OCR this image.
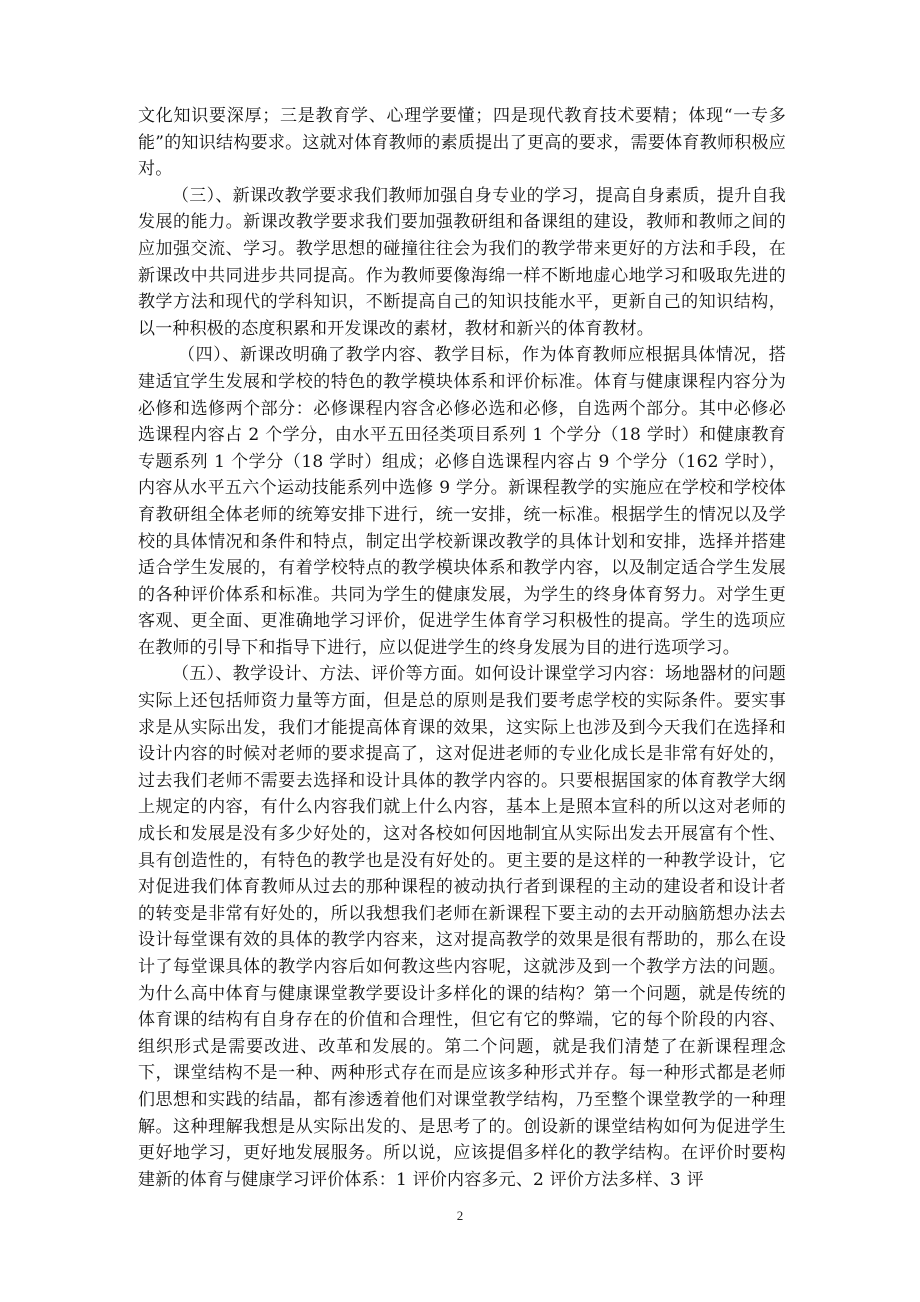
文化知识要深厚；三是教育学、心理学要懂；四是现代教育技术要精；体现“一专多能”的知识结构要求。这就对体育教师的素质提出了更高的要求，需要体育教师积极应对。

（三）、新课改教学要求我们教师加强自身专业的学习，提高自身素质，提升自我发展的能力。新课改教学要求我们要加强教研组和备课组的建设，教师和教师之间的应加强交流、学习。教学思想的碰撞往往会为我们的教学带来更好的方法和手段，在新课改中共同进步共同提高。作为教师要像海绵一样不断地虚心地学习和吸取先进的教学方法和现代的学科知识，不断提高自己的知识技能水平，更新自己的知识结构，以一种积极的态度积累和开发课改的素材，教材和新兴的体育教材。

（四）、新课改明确了教学内容、教学目标，作为体育教师应根据具体情况，搭建适宜学生发展和学校的特色的教学模块体系和评价标准。体育与健康课程内容分为必修和选修两个部分：必修课程内容含必修必选和必修，自选两个部分。其中必修必选课程内容占 2 个学分，由水平五田径类项目系列 1 个学分（18 学时）和健康教育专题系列 1 个学分（18 学时）组成；必修自选课程内容占 9 个学分（162 学时），内容从水平五六个运动技能系列中选修 9 学分。新课程教学的实施应在学校和学校体育教研组全体老师的统筹安排下进行，统一安排，统一标准。根据学生的情况以及学校的具体情况和条件和特点，制定出学校新课改教学的具体计划和安排，选择并搭建适合学生发展的，有着学校特点的教学模块体系和教学内容，以及制定适合学生发展的各种评价体系和标准。共同为学生的健康发展，为学生的终身体育努力。对学生更客观、更全面、更准确地学习评价，促进学生体育学习积极性的提高。学生的选项应在教师的引导下和指导下进行，应以促进学生的终身发展为目的进行选项学习。

（五）、教学设计、方法、评价等方面。如何设计课堂学习内容：场地器材的问题实际上还包括师资力量等方面，但是总的原则是我们要考虑学校的实际条件。要实事求是从实际出发，我们才能提高体育课的效果，这实际上也涉及到今天我们在选择和设计内容的时候对老师的要求提高了，这对促进老师的专业化成长是非常有好处的，过去我们老师不需要去选择和设计具体的教学内容的。只要根据国家的体育教学大纲上规定的内容，有什么内容我们就上什么内容，基本上是照本宣科的所以这对老师的成长和发展是没有多少好处的，这对各校如何因地制宜从实际出发去开展富有个性、具有创造性的，有特色的教学也是没有好处的。更主要的是这样的一种教学设计，它对促进我们体育教师从过去的那种课程的被动执行者到课程的主动的建设者和设计者的转变是非常有好处的，所以我想我们老师在新课程下要主动的去开动脑筋想办法去设计每堂课有效的具体的教学内容来，这对提高教学的效果是很有帮助的，那么在设计了每堂课具体的教学内容后如何教这些内容呢，这就涉及到一个教学方法的问题。为什么高中体育与健康课堂教学要设计多样化的课的结构？第一个问题，就是传统的体育课的结构有自身存在的价值和合理性，但它有它的弊端，它的每个阶段的内容、组织形式是需要改进、改革和发展的。第二个问题，就是我们清楚了在新课程理念下，课堂结构不是一种、两种形式存在而是应该多种形式并存。每一种形式都是老师们思想和实践的结晶，都有渗透着他们对课堂教学结构，乃至整个课堂教学的一种理解。这种理解我想是从实际出发的、是思考了的。创设新的课堂结构如何为促进学生更好地学习，更好地发展服务。所以说，应该提倡多样化的教学结构。在评价时要构建新的体育与健康学习评价体系：1 评价内容多元、2 评价方法多样、3 评

2
